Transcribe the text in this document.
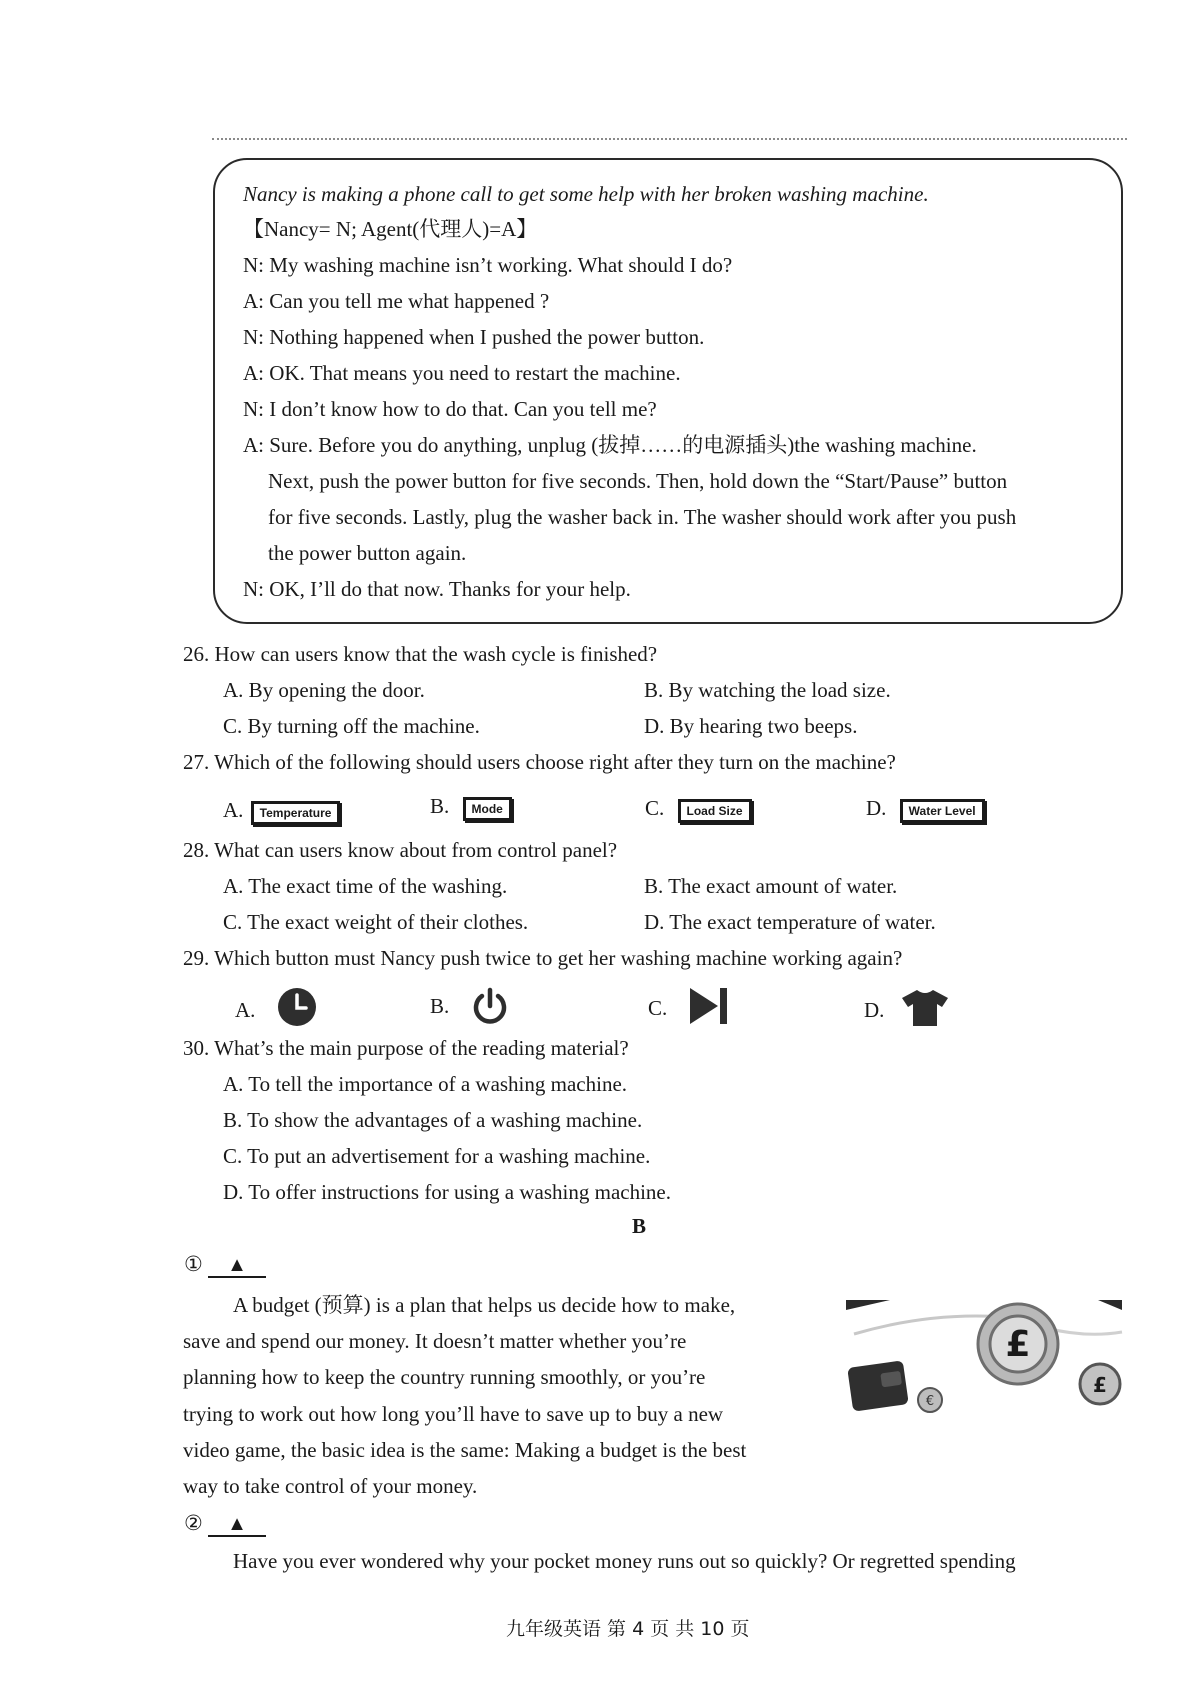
Nancy is making a phone call to get some help with her broken washing machine.
【Nancy= N; Agent(代理人)=A】
N: My washing machine isn’t working. What should I do?
A: Can you tell me what happened ?
N: Nothing happened when I pushed the power button.
A: OK. That means you need to restart the machine.
N: I don’t know how to do that. Can you tell me?
A: Sure. Before you do anything, unplug (拔掉……的电源插头)the washing machine.
Next, push the power button for five seconds. Then, hold down the “Start/Pause” button
for five seconds. Lastly, plug the washer back in. The washer should work after you push
the power button again.
N: OK, I’ll do that now. Thanks for your help.
26. How can users know that the wash cycle is finished?
A. By opening the door.	B. By watching the load size.
C. By turning off the machine.	D. By hearing two beeps.
27. Which of the following should users choose right after they turn on the machine?
A. Temperature	B. Mode	C. Load Size	D. Water Level
28. What can users know about from control panel?
A. The exact time of the washing.	B. The exact amount of water.
C. The exact weight of their clothes.	D. The exact temperature of water.
29. Which button must Nancy push twice to get her washing machine working again?
A.	B.	C.	D.
30. What’s the main purpose of the reading material?
A. To tell the importance of a washing machine.
B. To show the advantages of a washing machine.
C. To put an advertisement for a washing machine.
D. To offer instructions for using a washing machine.
B
① ▲
A budget (预算) is a plan that helps us decide how to make,
save and spend our money. It doesn’t matter whether you’re
planning how to keep the country running smoothly, or you’re
trying to work out how long you’ll have to save up to buy a new
video game, the basic idea is the same: Making a budget is the best
way to take control of your money.
€
£
£
② ▲
Have you ever wondered why your pocket money runs out so quickly? Or regretted spending
九年级英语 第 4 页 共 10 页
